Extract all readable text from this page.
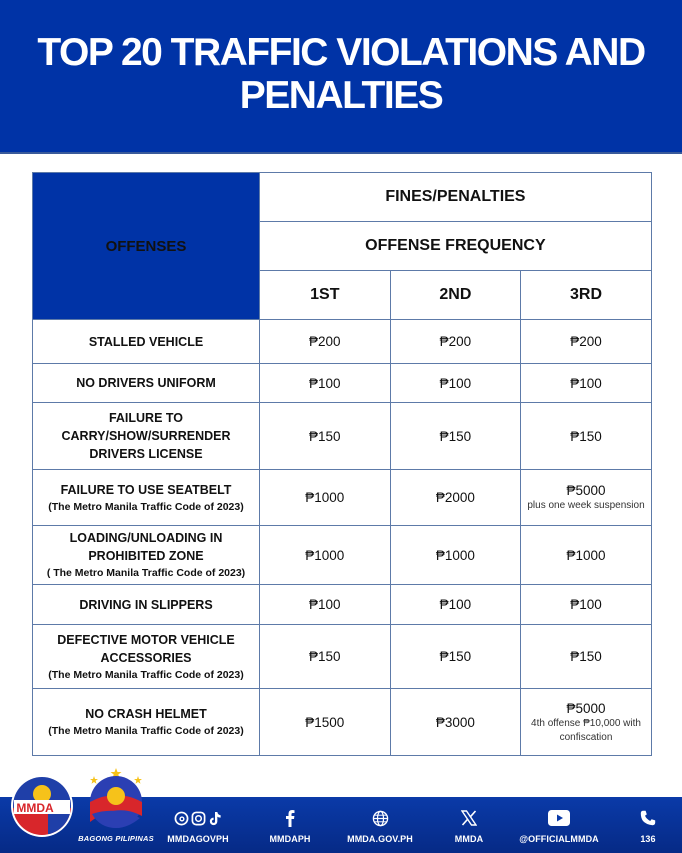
TOP 20 TRAFFIC VIOLATIONS AND PENALTIES
OFFENSES	FINES/PENALTIES		
	OFFENSE FREQUENCY		
	1ST	2ND	3RD

STALLED VEHICLE	₱200	₱200	₱200

NO DRIVERS UNIFORM	₱100	₱100	₱100

FAILURE TO CARRY/SHOW/SURRENDER DRIVERS LICENSE	₱150	₱150	₱150

FAILURE TO USE SEATBELT
(The Metro Manila Traffic Code of 2023)	₱1000	₱2000	₱5000
plus one week suspension

LOADING/UNLOADING IN PROHIBITED ZONE
( The Metro Manila Traffic Code of 2023)	₱1000	₱1000	₱1000

DRIVING IN SLIPPERS	₱100	₱100	₱100

DEFECTIVE MOTOR VEHICLE ACCESSORIES
(The Metro Manila Traffic Code of 2023)	₱150	₱150	₱150

NO CRASH HELMET
(The Metro Manila Traffic Code of 2023)	₱1500	₱3000	₱5000
4th offense ₱10,000 with confiscation
MMDA
BAGONG PILIPINAS	MMDAGOVPH	MMDAPH	MMDA.GOV.PH	MMDA	@OFFICIALMMDA	136
